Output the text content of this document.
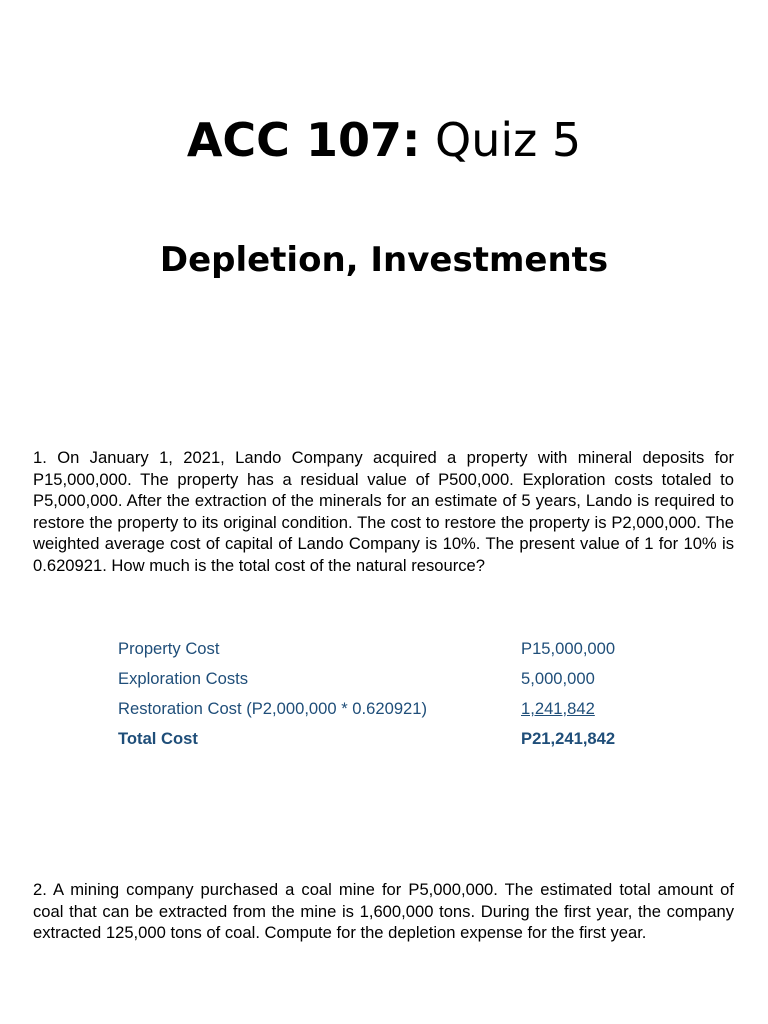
ACC 107: Quiz 5
Depletion, Investments

1. On January 1, 2021, Lando Company acquired a property with mineral deposits for P15,000,000. The property has a residual value of P500,000. Exploration costs totaled to P5,000,000. After the extraction of the minerals for an estimate of 5 years, Lando is required to restore the property to its original condition. The cost to restore the property is P2,000,000. The weighted average cost of capital of Lando Company is 10%. The present value of 1 for 10% is 0.620921. How much is the total cost of the natural resource?

Property Cost	P15,000,000
Exploration Costs	5,000,000
Restoration Cost (P2,000,000 * 0.620921)	1,241,842
Total Cost	P21,241,842

2. A mining company purchased a coal mine for P5,000,000. The estimated total amount of coal that can be extracted from the mine is 1,600,000 tons. During the first year, the company extracted 125,000 tons of coal. Compute for the depletion expense for the first year.
